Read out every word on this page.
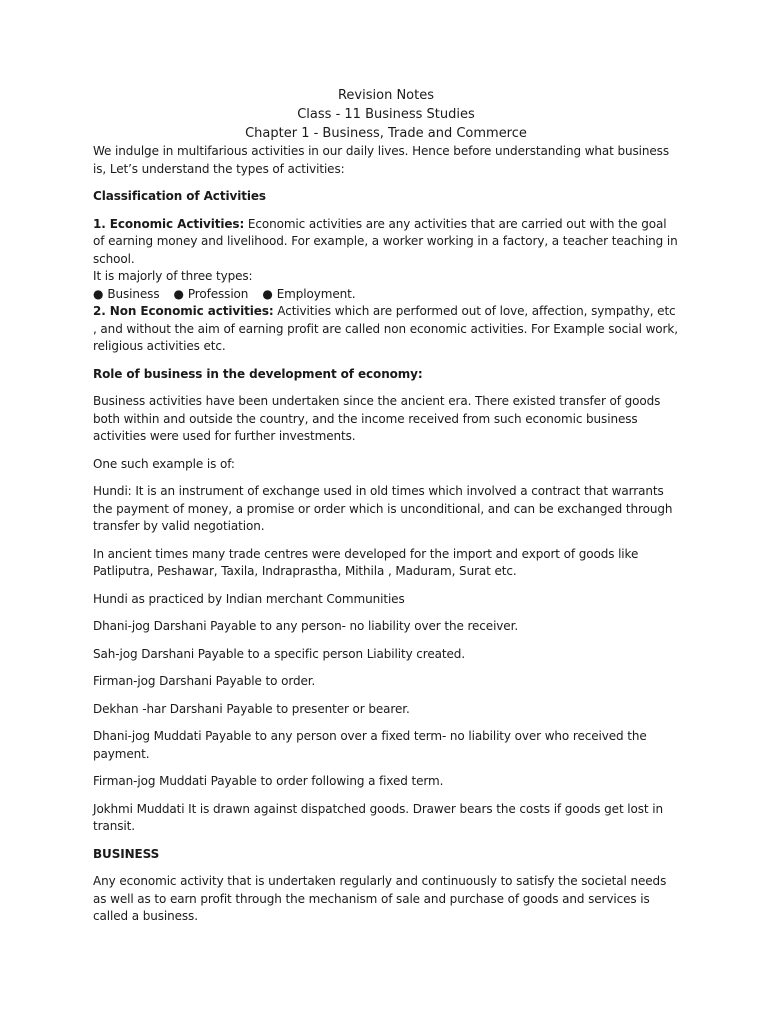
Revision Notes
Class - 11 Business Studies
Chapter 1 - Business, Trade and Commerce

We indulge in multifarious activities in our daily lives. Hence before understanding what business is, Let’s understand the types of activities:

Classification of Activities

1. Economic Activities: Economic activities are any activities that are carried out with the goal of earning money and livelihood. For example, a worker working in a factory, a teacher teaching in school.

It is majorly of three types:

● Business ● Profession ● Employment.

2. Non Economic activities: Activities which are performed out of love, affection, sympathy, etc , and without the aim of earning profit are called non economic activities. For Example social work, religious activities etc.

Role of business in the development of economy:

Business activities have been undertaken since the ancient era. There existed transfer of goods both within and outside the country, and the income received from such economic business activities were used for further investments.

One such example is of:

Hundi: It is an instrument of exchange used in old times which involved a contract that warrants the payment of money, a promise or order which is unconditional, and can be exchanged through transfer by valid negotiation.

In ancient times many trade centres were developed for the import and export of goods like Patliputra, Peshawar, Taxila, Indraprastha, Mithila , Maduram, Surat etc.

Hundi as practiced by Indian merchant Communities

Dhani-jog Darshani Payable to any person- no liability over the receiver.

Sah-jog Darshani Payable to a specific person Liability created.

Firman-jog Darshani Payable to order.

Dekhan -har Darshani Payable to presenter or bearer.

Dhani-jog Muddati Payable to any person over a fixed term- no liability over who received the payment.

Firman-jog Muddati Payable to order following a fixed term.

Jokhmi Muddati It is drawn against dispatched goods. Drawer bears the costs if goods get lost in transit.

BUSINESS

Any economic activity that is undertaken regularly and continuously to satisfy the societal needs as well as to earn profit through the mechanism of sale and purchase of goods and services is called a business.
